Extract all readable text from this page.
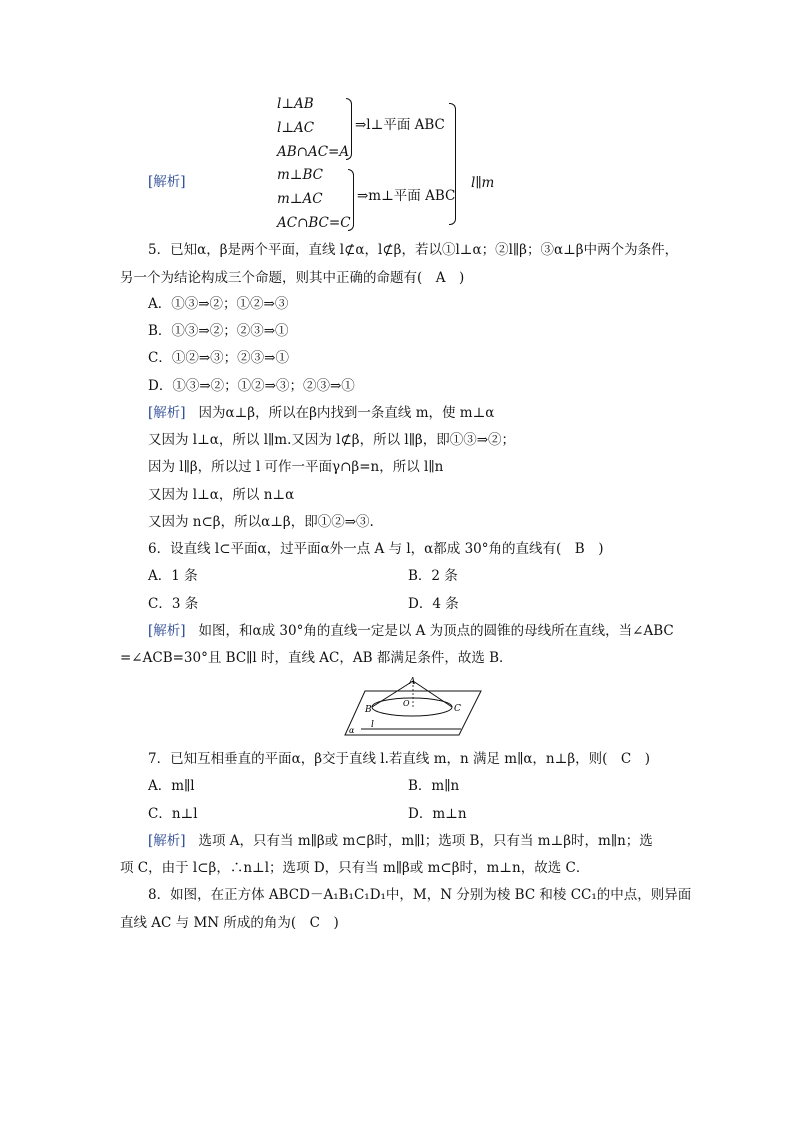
[解析]
l⊥AB
l⊥AC
AB∩AC=A
⇒l⊥平面 ABC
m⊥BC
m⊥AC
AC∩BC=C
⇒m⊥平面 ABC
l∥m
5．已知α，β是两个平面，直线 l⊄α，l⊄β，若以①l⊥α；②l∥β；③α⊥β中两个为条件，
另一个为结论构成三个命题，则其中正确的命题有(　A　)
A．①③⇒②；①②⇒③
B．①③⇒②；②③⇒①
C．①②⇒③；②③⇒①
D．①③⇒②；①②⇒③；②③⇒①
[解析] 　因为α⊥β，所以在β内找到一条直线 m，使 m⊥α
又因为 l⊥α，所以 l∥m.又因为 l⊄β，所以 l∥β，即①③⇒②；
因为 l∥β，所以过 l 可作一平面γ∩β=n，所以 l∥n
又因为 l⊥α，所以 n⊥α
又因为 n⊂β，所以α⊥β，即①②⇒③.
6．设直线 l⊂平面α，过平面α外一点 A 与 l，α都成 30°角的直线有(　B　)
A．1 条	B．2 条
C．3 条	D．4 条
[解析] 　如图，和α成 30°角的直线一定是以 A 为顶点的圆锥的母线所在直线，当∠ABC
=∠ACB=30°且 BC∥l 时，直线 AC，AB 都满足条件，故选 B．
A
B
O
C
l
α
7．已知互相垂直的平面α，β交于直线 l.若直线 m，n 满足 m∥α，n⊥β，则(　C　)
A．m∥l	B．m∥n
C．n⊥l	D．m⊥n
[解析] 　选项 A，只有当 m∥β或 m⊂β时，m∥l；选项 B，只有当 m⊥β时，m∥n；选
项 C，由于 l⊂β，∴n⊥l；选项 D，只有当 m∥β或 m⊂β时，m⊥n，故选 C．
8．如图，在正方体 ABCD－A₁B₁C₁D₁中，M，N 分别为棱 BC 和棱 CC₁的中点，则异面
直线 AC 与 MN 所成的角为(　C　)
